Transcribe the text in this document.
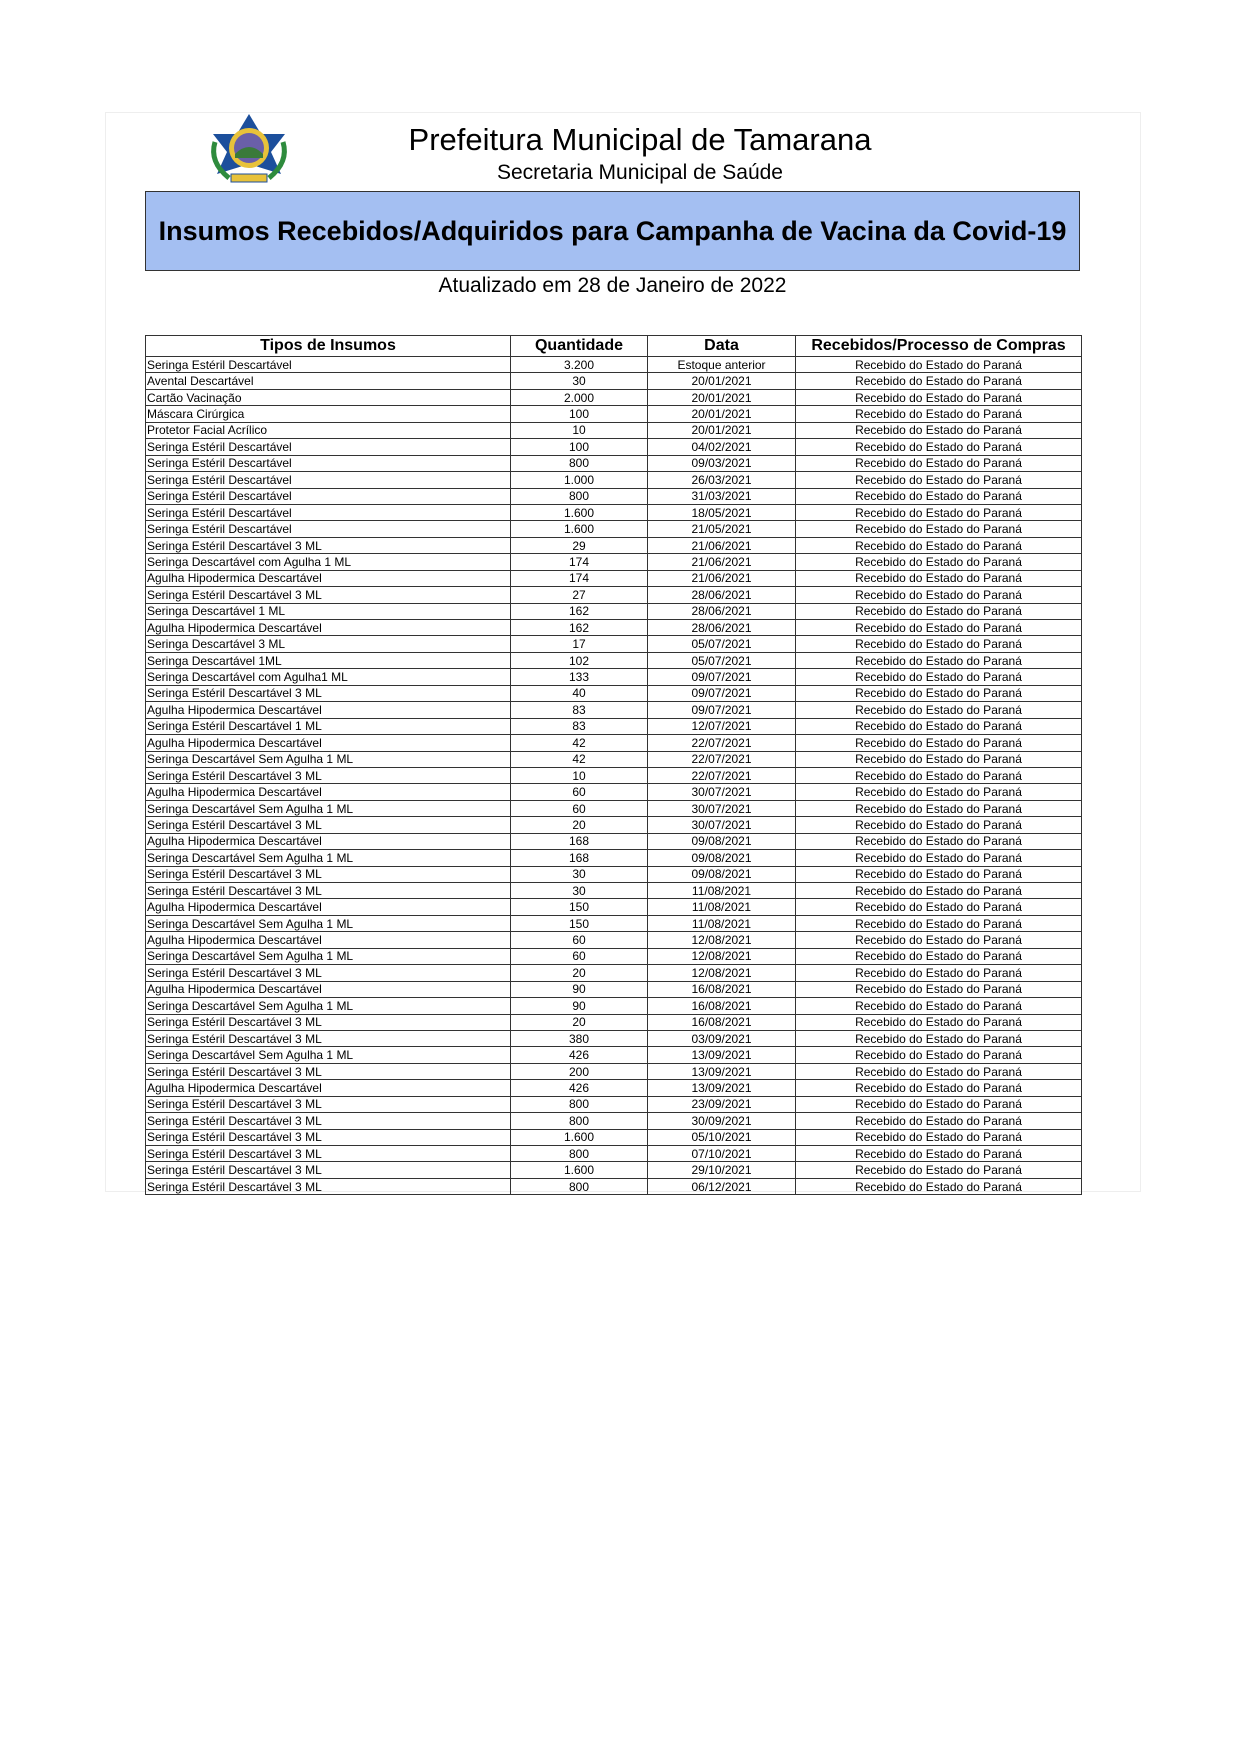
Prefeitura Municipal de Tamarana
Secretaria Municipal de Saúde
Insumos Recebidos/Adquiridos para Campanha de Vacina da Covid-19
Atualizado em 28 de Janeiro de 2022
Tipos de Insumos	Quantidade	Data	Recebidos/Processo de Compras
Seringa Estéril Descartável	3.200	Estoque anterior	Recebido do Estado do Paraná
Avental Descartável	30	20/01/2021	Recebido do Estado do Paraná
Cartão Vacinação	2.000	20/01/2021	Recebido do Estado do Paraná
Máscara Cirúrgica	100	20/01/2021	Recebido do Estado do Paraná
Protetor Facial Acrílico	10	20/01/2021	Recebido do Estado do Paraná
Seringa Estéril Descartável	100	04/02/2021	Recebido do Estado do Paraná
Seringa Estéril Descartável	800	09/03/2021	Recebido do Estado do Paraná
Seringa Estéril Descartável	1.000	26/03/2021	Recebido do Estado do Paraná
Seringa Estéril Descartável	800	31/03/2021	Recebido do Estado do Paraná
Seringa Estéril Descartável	1.600	18/05/2021	Recebido do Estado do Paraná
Seringa Estéril Descartável	1.600	21/05/2021	Recebido do Estado do Paraná
Seringa Estéril Descartável 3 ML	29	21/06/2021	Recebido do Estado do Paraná
Seringa Descartável com Agulha 1 ML	174	21/06/2021	Recebido do Estado do Paraná
Agulha Hipodermica Descartável	174	21/06/2021	Recebido do Estado do Paraná
Seringa Estéril Descartável 3 ML	27	28/06/2021	Recebido do Estado do Paraná
Seringa Descartável 1 ML	162	28/06/2021	Recebido do Estado do Paraná
Agulha Hipodermica Descartável	162	28/06/2021	Recebido do Estado do Paraná
Seringa Descartável 3 ML	17	05/07/2021	Recebido do Estado do Paraná
Seringa Descartável 1ML	102	05/07/2021	Recebido do Estado do Paraná
Seringa Descartável com Agulha1 ML	133	09/07/2021	Recebido do Estado do Paraná
Seringa Estéril Descartável 3 ML	40	09/07/2021	Recebido do Estado do Paraná
Agulha Hipodermica Descartável	83	09/07/2021	Recebido do Estado do Paraná
Seringa Estéril Descartável 1 ML	83	12/07/2021	Recebido do Estado do Paraná
Agulha Hipodermica Descartável	42	22/07/2021	Recebido do Estado do Paraná
Seringa Descartável Sem Agulha 1 ML	42	22/07/2021	Recebido do Estado do Paraná
Seringa Estéril Descartável 3 ML	10	22/07/2021	Recebido do Estado do Paraná
Agulha Hipodermica Descartável	60	30/07/2021	Recebido do Estado do Paraná
Seringa Descartável Sem Agulha 1 ML	60	30/07/2021	Recebido do Estado do Paraná
Seringa Estéril Descartável 3 ML	20	30/07/2021	Recebido do Estado do Paraná
Agulha Hipodermica Descartável	168	09/08/2021	Recebido do Estado do Paraná
Seringa Descartável Sem Agulha 1 ML	168	09/08/2021	Recebido do Estado do Paraná
Seringa Estéril Descartável 3 ML	30	09/08/2021	Recebido do Estado do Paraná
Seringa Estéril Descartável 3 ML	30	11/08/2021	Recebido do Estado do Paraná
Agulha Hipodermica Descartável	150	11/08/2021	Recebido do Estado do Paraná
Seringa Descartável Sem Agulha 1 ML	150	11/08/2021	Recebido do Estado do Paraná
Agulha Hipodermica Descartável	60	12/08/2021	Recebido do Estado do Paraná
Seringa Descartável Sem Agulha 1 ML	60	12/08/2021	Recebido do Estado do Paraná
Seringa Estéril Descartável 3 ML	20	12/08/2021	Recebido do Estado do Paraná
Agulha Hipodermica Descartável	90	16/08/2021	Recebido do Estado do Paraná
Seringa Descartável Sem Agulha 1 ML	90	16/08/2021	Recebido do Estado do Paraná
Seringa Estéril Descartável 3 ML	20	16/08/2021	Recebido do Estado do Paraná
Seringa Estéril Descartável 3 ML	380	03/09/2021	Recebido do Estado do Paraná
Seringa Descartável Sem Agulha 1 ML	426	13/09/2021	Recebido do Estado do Paraná
Seringa Estéril Descartável 3 ML	200	13/09/2021	Recebido do Estado do Paraná
Agulha Hipodermica Descartável	426	13/09/2021	Recebido do Estado do Paraná
Seringa Estéril Descartável 3 ML	800	23/09/2021	Recebido do Estado do Paraná
Seringa Estéril Descartável 3 ML	800	30/09/2021	Recebido do Estado do Paraná
Seringa Estéril Descartável 3 ML	1.600	05/10/2021	Recebido do Estado do Paraná
Seringa Estéril Descartável 3 ML	800	07/10/2021	Recebido do Estado do Paraná
Seringa Estéril Descartável 3 ML	1.600	29/10/2021	Recebido do Estado do Paraná
Seringa Estéril Descartável 3 ML	800	06/12/2021	Recebido do Estado do Paraná
